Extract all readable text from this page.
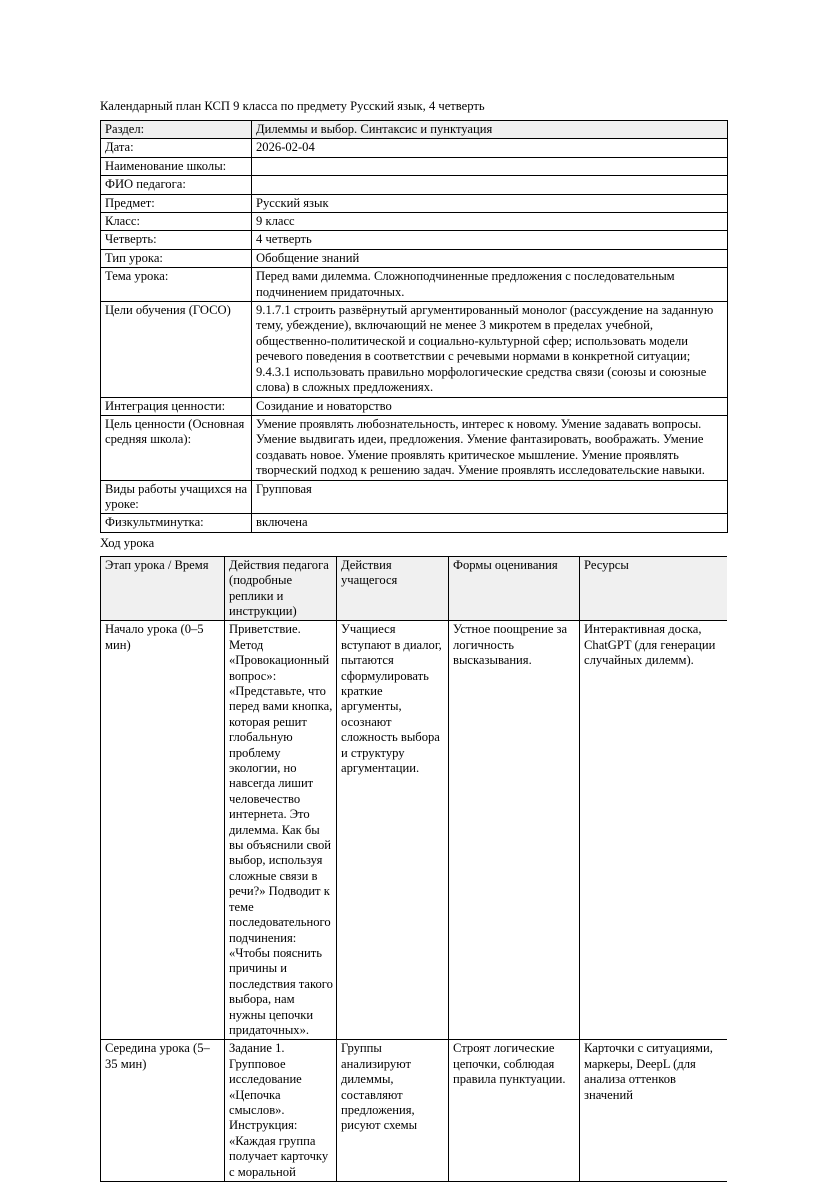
Календарный план КСП 9 класса по предмету Русский язык, 4 четверть
Раздел:	Дилеммы и выбор. Синтаксис и пунктуация
Дата:	2026-02-04
Наименование школы:	
ФИО педагога:	
Предмет:	Русский язык
Класс:	9 класс
Четверть:	4 четверть
Тип урока:	Обобщение знаний
Тема урока:	Перед вами дилемма. Сложноподчиненные предложения с последовательным подчинением придаточных.
Цели обучения (ГОСО)	9.1.7.1 строить развёрнутый аргументированный монолог (рассуждение на заданную тему, убеждение), включающий не менее 3 микротем в пределах учебной, общественно-политической и социально-культурной сфер; использовать модели речевого поведения в соответствии с речевыми нормами в конкретной ситуации; 9.4.3.1 использовать правильно морфологические средства связи (союзы и союзные слова) в сложных предложениях.
Интеграция ценности:	Созидание и новаторство
Цель ценности (Основная средняя школа):	Умение проявлять любознательность, интерес к новому. Умение задавать вопросы. Умение выдвигать идеи, предложения. Умение фантазировать, воображать. Умение создавать новое. Умение проявлять критическое мышление. Умение проявлять творческий подход к решению задач. Умение проявлять исследовательские навыки.
Виды работы учащихся на уроке:	Групповая
Физкультминутка:	включена
Ход урока
Этап урока / Время	Действия педагога (подробные реплики и инструкции)	Действия учащегося	Формы оценивания	Ресурсы
Начало урока (0–5 мин)	Приветствие. Метод «Провокационный вопрос»: «Представьте, что перед вами кнопка, которая решит глобальную проблему экологии, но навсегда лишит человечество интернета. Это дилемма. Как бы вы объяснили свой выбор, используя сложные связи в речи?» Подводит к теме последовательного подчинения: «Чтобы пояснить причины и последствия такого выбора, нам нужны цепочки придаточных».	Учащиеся вступают в диалог, пытаются сформулировать краткие аргументы, осознают сложность выбора и структуру аргументации.	Устное поощрение за логичность высказывания.	Интерактивная доска, ChatGPT (для генерации случайных дилемм).
Середина урока (5–35 мин)	Задание 1. Групповое исследование «Цепочка смыслов». Инструкция: «Каждая группа получает карточку с моральной	Группы анализируют дилеммы, составляют предложения, рисуют схемы	Строят логические цепочки, соблюдая правила пунктуации.	Карточки с ситуациями, маркеры, DeepL (для анализа оттенков значений
